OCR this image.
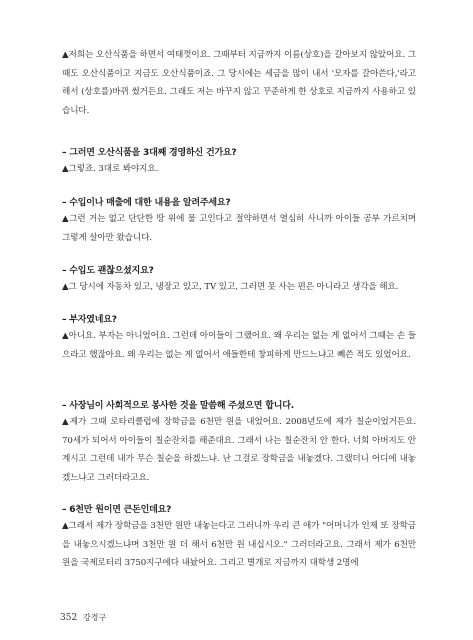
▲저희는 오산식품을 하면서 여태껏이요. 그때부터 지금까지 이름(상호)을 갈아보지 않았어요. 그때도 오산식품이고 지금도 오산식품이죠. 그 당시에는 세금을 많이 내서 '모자를 갈아쓴다,'라고 해서 (상호를)바뀌 썼거든요. 그래도 저는 바꾸지 않고 꾸준하게 한 상호로 지금까지 사용하고 있습니다.

– 그러면 오산식품을 3대째 경영하신 건가요?

▲그렇죠. 3대로 봐야지요.

– 수입이나 매출에 대한 내용을 알려주세요?

▲그런 거는 없고 단단한 땅 위에 물 고인다고 절약하면서 열심히 사니까 아이들 공부 가르치며 그렇게 살아만 왔습니다.

– 수입도 괜찮으셨지요?

▲그 당시에 자동차 있고, 냉장고 있고, TV 있고, 그러면 못 사는 편은 아니라고 생각을 해요.

– 부자였네요?

▲아니요. 부자는 아니었어요. 그런데 아이들이 그랬어요. 왜 우리는 없는 게 없어서 그때는 손 들으라고 했잖아요. 왜 우리는 없는 게 없어서 애들한테 창피하게 만드느냐고 빼쓴 적도 있었어요.

– 사장님이 사회적으로 봉사한 것을 말씀해 주셨으면 합니다.

▲제가 그때 로타리클럽에 장학금을 6천만 원을 내었어요. 2008년도에 제가 칠순이었거든요. 70세가 되어서 아이들이 칠순잔치를 해준대요. 그래서 나는 칠순잔치 안 한다. 너희 아버지도 안 계시고 그런데 내가 무슨 칠순을 하겠느냐. 난 그걸로 장학금을 내놓겠다. 그랬더니 어디에 내놓겠느냐고 그러더라고요.

– 6천만 원이면 큰돈인데요?

▲그래서 제가 장학금을 3천만 원만 내놓는다고 그러니까 우리 큰 애가 "어머니가 인제 또 장학금을 내놓으시겠느냐며 3천만 원 더 해서 6천만 원 내십시오." 그러더라고요. 그래서 제가 6천만 원을 국제로터리 3750지구에다 내놨어요. 그리고 별개로 지금까지 대학생 2명에

352 강경구
